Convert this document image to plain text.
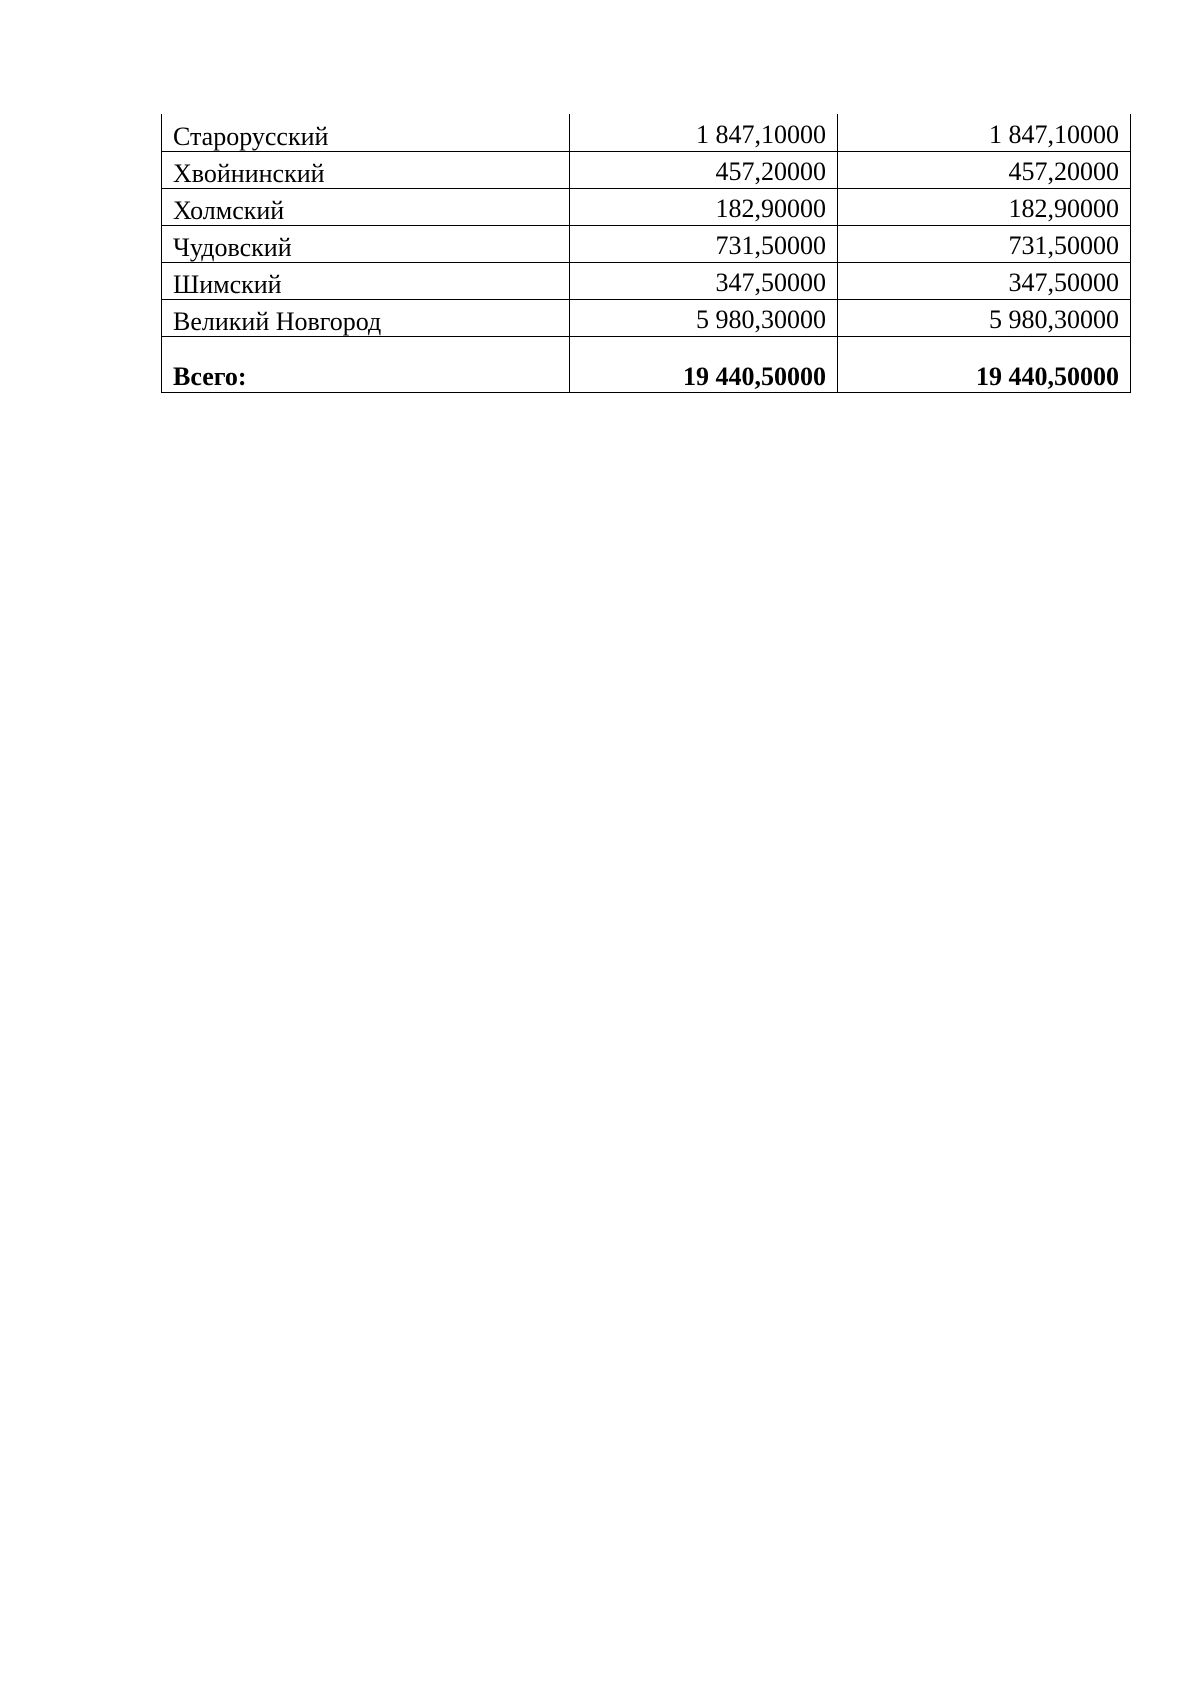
Старорусский	1 847,10000	1 847,10000
Хвойнинский	457,20000	457,20000
Холмский	182,90000	182,90000
Чудовский	731,50000	731,50000
Шимский	347,50000	347,50000
Великий Новгород	5 980,30000	5 980,30000
Всего:	19 440,50000	19 440,50000
